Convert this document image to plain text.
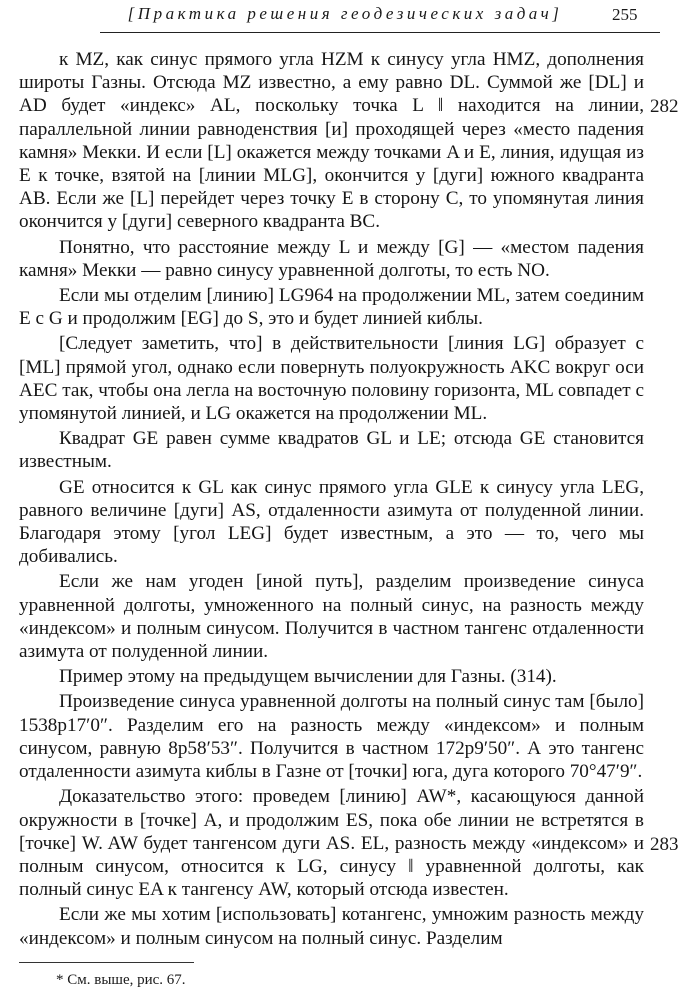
[Практика решения геодезических задач]	255

к MZ, как синус прямого угла HZM к синусу угла HMZ, дополнения широты Газны. Отсюда MZ известно, а ему равно DL. Суммой же [DL] и AD будет «индекс» AL, поскольку точка L ‖ находится на линии, параллельной линии равноденствия [и] проходящей через «место падения камня» Мекки. И если [L] окажется между точками A и E, линия, идущая из E к точке, взятой на [линии MLG], окончится у [дуги] южного квадранта AB. Если же [L] перейдет через точку E в сторону C, то упомянутая линия окончится у [дуги] северного квадранта BC.

Понятно, что расстояние между L и между [G] — «местом падения камня» Мекки — равно синусу уравненной долготы, то есть NO.

Если мы отделим [линию] LG964 на продолжении ML, затем соединим E с G и продолжим [EG] до S, это и будет линией киблы.

[Следует заметить, что] в действительности [линия LG] образует с [ML] прямой угол, однако если повернуть полуокружность AKC вокруг оси AEC так, чтобы она легла на восточную половину горизонта, ML совпадет с упомянутой линией, и LG окажется на продолжении ML.

Квадрат GE равен сумме квадратов GL и LE; отсюда GE становится известным.

GE относится к GL как синус прямого угла GLE к синусу угла LEG, равного величине [дуги] AS, отдаленности азимута от полуденной линии. Благодаря этому [угол LEG] будет известным, а это — то, чего мы добивались.

Если же нам угоден [иной путь], разделим произведение синуса уравненной долготы, умноженного на полный синус, на разность между «индексом» и полным синусом. Получится в частном тангенс отдаленности азимута от полуденной линии.

Пример этому на предыдущем вычислении для Газны. (314).

Произведение синуса уравненной долготы на полный синус там [было] 1538p17′0″. Разделим его на разность между «индексом» и полным синусом, равную 8p58′53″. Получится в частном 172p9′50″. А это тангенс отдаленности азимута киблы в Газне от [точки] юга, дуга которого 70°47′9″.

Доказательство этого: проведем [линию] AW*, касающуюся данной окружности в [точке] A, и продолжим ES, пока обе линии не встретятся в [точке] W. AW будет тангенсом дуги AS. EL, разность между «индексом» и полным синусом, относится к LG, синусу ‖ уравненной долготы, как полный синус EA к тангенсу AW, который отсюда известен.

Если же мы хотим [использовать] котангенс, умножим разность между «индексом» и полным синусом на полный синус. Разделим

282
283
* См. выше, рис. 67.
